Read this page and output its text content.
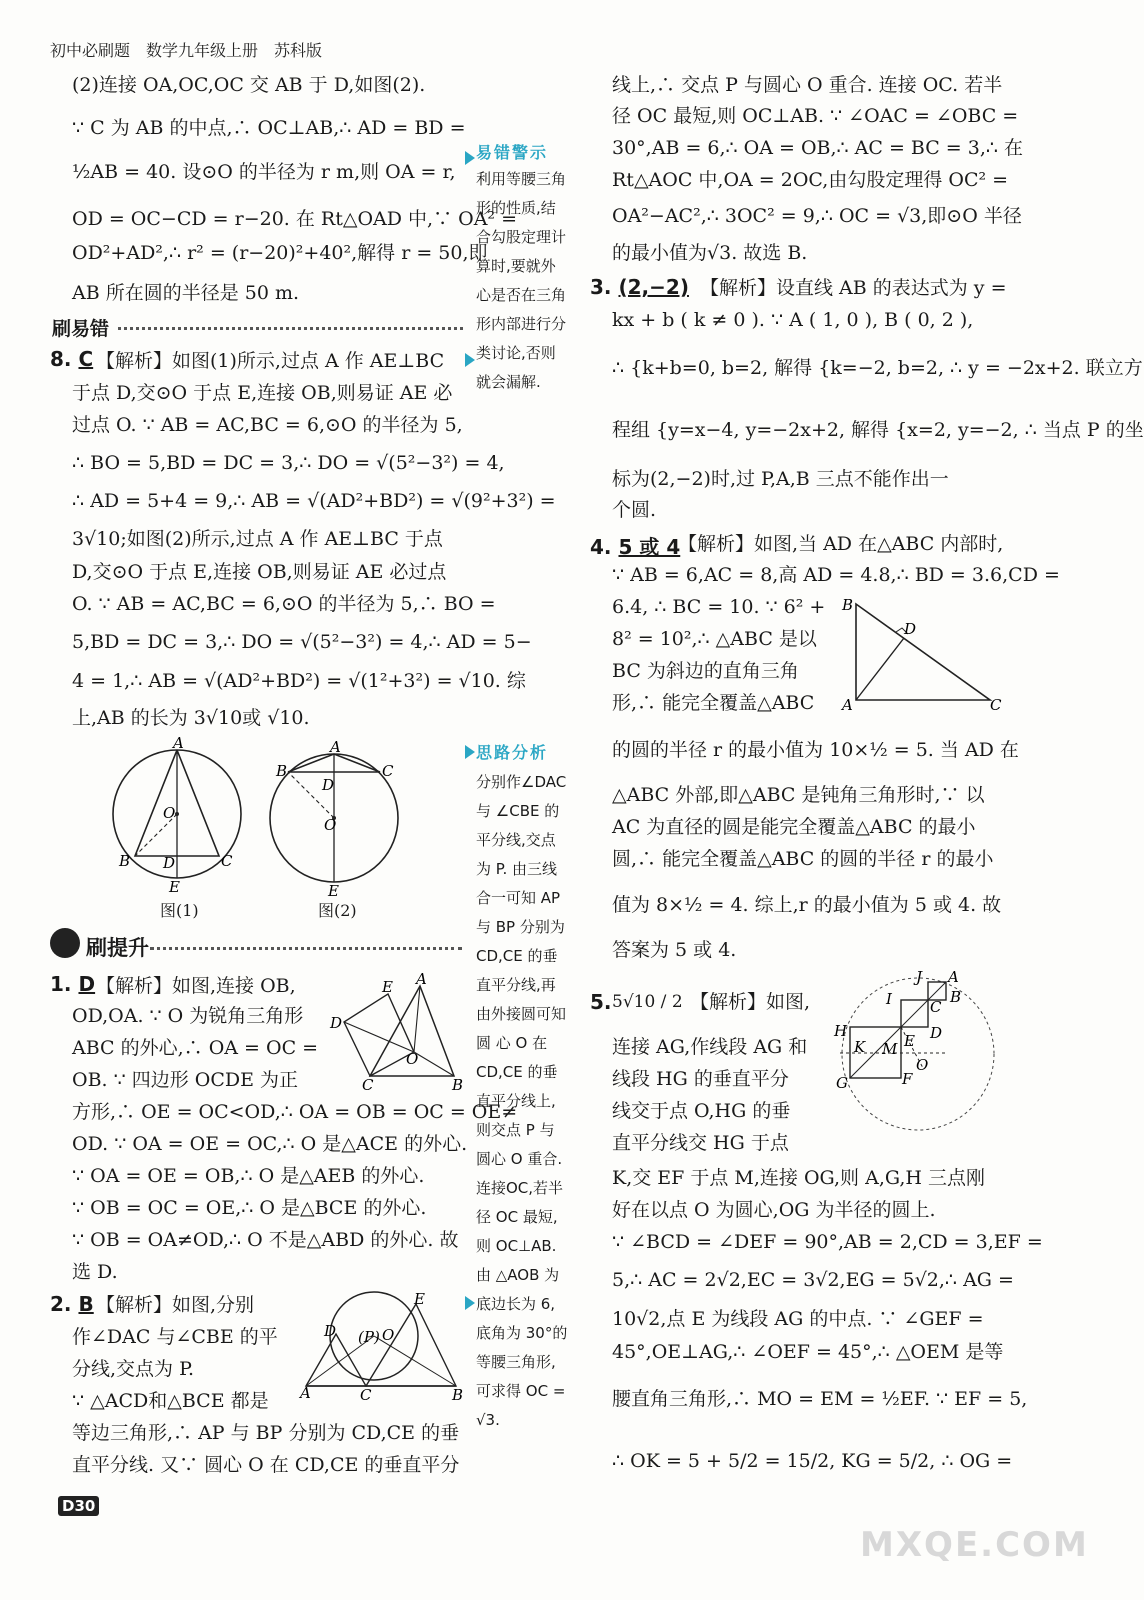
初中必刷题　数学九年级上册　苏科版
(2)连接 OA,OC,OC 交 AB 于 D,如图(2).
∵ C 为 AB 的中点,∴ OC⊥AB,∴ AD = BD =
½AB = 40. 设⊙O 的半径为 r m,则 OA = r,
OD = OC−CD = r−20. 在 Rt△OAD 中,∵ OA² =
OD²+AD²,∴ r² = (r−20)²+40²,解得 r = 50,即
AB 所在圆的半径是 50 m.
刷易错
8. C 【解析】如图(1)所示,过点 A 作 AE⊥BC
于点 D,交⊙O 于点 E,连接 OB,则易证 AE 必
过点 O. ∵ AB = AC,BC = 6,⊙O 的半径为 5,
∴ BO = 5,BD = DC = 3,∴ DO = √(5²−3²) = 4,
∴ AD = 5+4 = 9,∴ AB = √(AD²+BD²) = √(9²+3²) =
3√10;如图(2)所示,过点 A 作 AE⊥BC 于点
D,交⊙O 于点 E,连接 OB,则易证 AE 必过点
O. ∵ AB = AC,BC = 6,⊙O 的半径为 5,∴ BO =
5,BD = DC = 3,∴ DO = √(5²−3²) = 4,∴ AD = 5−
4 = 1,∴ AB = √(AD²+BD²) = √(1²+3²) = √10. 综
上,AB 的长为 3√10或 √10.
A
B	C
D
E
O
图(1)
A
B	C
D
O
E
图(2)
刷提升
1. D 【解析】如图,连接 OB,
OD,OA. ∵ O 为锐角三角形
ABC 的外心,∴ OA = OC =
OB. ∵ 四边形 OCDE 为正
方形,∴ OE = OC<OD,∴ OA = OB = OC = OE≠
OD. ∵ OA = OE = OC,∴ O 是△ACE 的外心.
∵ OA = OE = OB,∴ O 是△AEB 的外心.
∵ OB = OC = OE,∴ O 是△BCE 的外心.
∵ OB = OA≠OD,∴ O 不是△ABD 的外心. 故
选 D.
A
E
D
C	B
O
2. B 【解析】如图,分别
作∠DAC 与∠CBE 的平
分线,交点为 P.
∵ △ACD和△BCE 都是
等边三角形,∴ AP 与 BP 分别为 CD,CE 的垂
直平分线. 又∵ 圆心 O 在 CD,CE 的垂直平分
A	C	B
D
E
(P) O
D30
易错警示
利用等腰三角
形的性质,结
合勾股定理计
算时,要就外
心是否在三角
形内部进行分
类讨论,否则
就会漏解.
思路分析
分别作∠DAC
与 ∠CBE 的
平分线,交点
为 P. 由三线
合一可知 AP
与 BP 分别为
CD,CE 的垂
直平分线,再
由外接圆可知
圆 心 O 在
CD,CE 的垂
直平分线上,
则交点 P 与
圆心 O 重合.
连接OC,若半
径 OC 最短,
则 OC⊥AB.
由 △AOB 为
底边长为 6,
底角为 30°的
等腰三角形,
可求得 OC =
√3.
线上,∴ 交点 P 与圆心 O 重合. 连接 OC. 若半
径 OC 最短,则 OC⊥AB. ∵ ∠OAC = ∠OBC =
30°,AB = 6,∴ OA = OB,∴ AC = BC = 3,∴ 在
Rt△AOC 中,OA = 2OC,由勾股定理得 OC² =
OA²−AC²,∴ 3OC² = 9,∴ OC = √3,即⊙O 半径
的最小值为√3. 故选 B.
3. (2,−2) 【解析】设直线 AB 的表达式为 y =
kx + b ( k ≠ 0 ). ∵ A ( 1, 0 ), B ( 0, 2 ),
∴ {k+b=0, b=2, 解得 {k=−2, b=2, ∴ y = −2x+2. 联立方
程组 {y=x−4, y=−2x+2, 解得 {x=2, y=−2, ∴ 当点 P 的坐
标为(2,−2)时,过 P,A,B 三点不能作出一
个圆.
4. 5 或 4
【解析】如图,当 AD 在△ABC 内部时,
∵ AB = 6,AC = 8,高 AD = 4.8,∴ BD = 3.6,CD =
6.4, ∴ BC = 10. ∵ 6² +
8² = 10²,∴ △ABC 是以
BC 为斜边的直角三角
形,∴ 能完全覆盖△ABC
的圆的半径 r 的最小值为 10×½ = 5. 当 AD 在
△ABC 外部,即△ABC 是钝角三角形时,∵ 以
AC 为直径的圆是能完全覆盖△ABC 的最小
圆,∴ 能完全覆盖△ABC 的圆的半径 r 的最小
值为 8×½ = 4. 综上,r 的最小值为 5 或 4. 故
答案为 5 或 4.
B
A	C
D
5. 5√10 / 2 【解析】如图,
连接 AG,作线段 AG 和
线段 HG 的垂直平分
线交于点 O,HG 的垂
直平分线交 HG 于点
K,交 EF 于点 M,连接 OG,则 A,G,H 三点刚
好在以点 O 为圆心,OG 为半径的圆上.
∵ ∠BCD = ∠DEF = 90°,AB = 2,CD = 3,EF =
5,∴ AC = 2√2,EC = 3√2,EG = 5√2,∴ AG =
10√2,点 E 为线段 AG 的中点. ∵ ∠GEF =
45°,OE⊥AG,∴ ∠OEF = 45°,∴ △OEM 是等
腰直角三角形,∴ MO = EM = ½EF. ∵ EF = 5,
∴ OK = 5 + 5/2 = 15/2, KG = 5/2, ∴ OG =
A
B
C
D
E
F
G
H
I
J
K M
O
MXQE.COM
